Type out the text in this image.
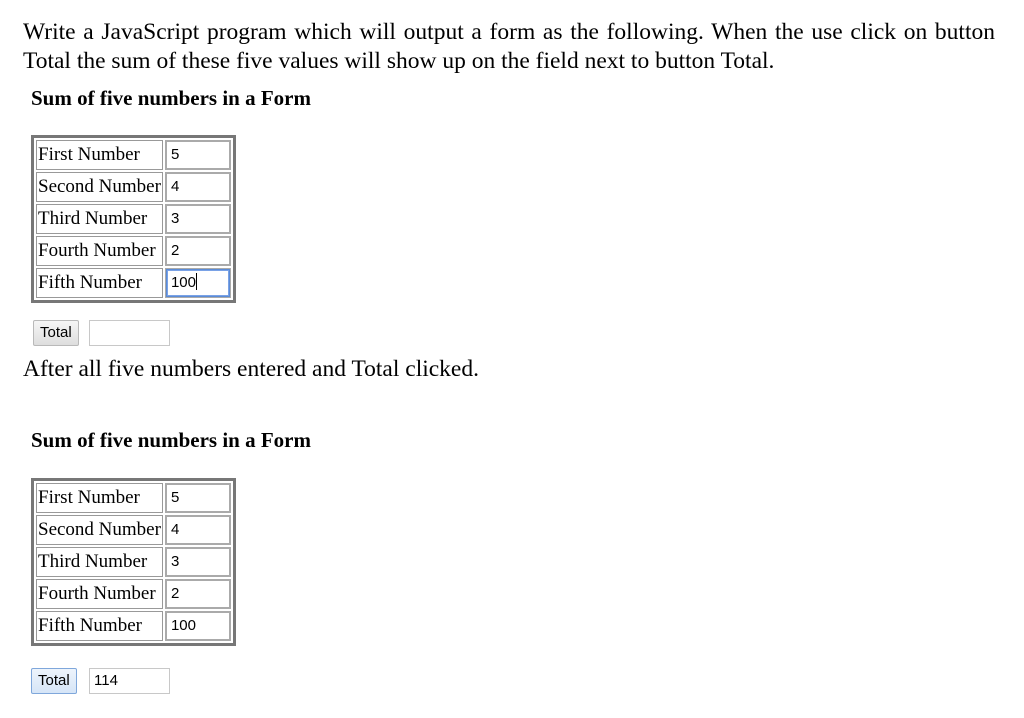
Write a JavaScript program which will output a form as the following. When the use click on button Total the sum of these five values will show up on the field next to button Total.

Sum of five numbers in a Form
First Number	5

Second Number	4

Third Number	3

Fourth Number	2

Fifth Number	100
Total

After all five numbers entered and Total clicked.

Sum of five numbers in a Form
First Number	5

Second Number	4

Third Number	3

Fourth Number	2

Fifth Number	100
Total	114
